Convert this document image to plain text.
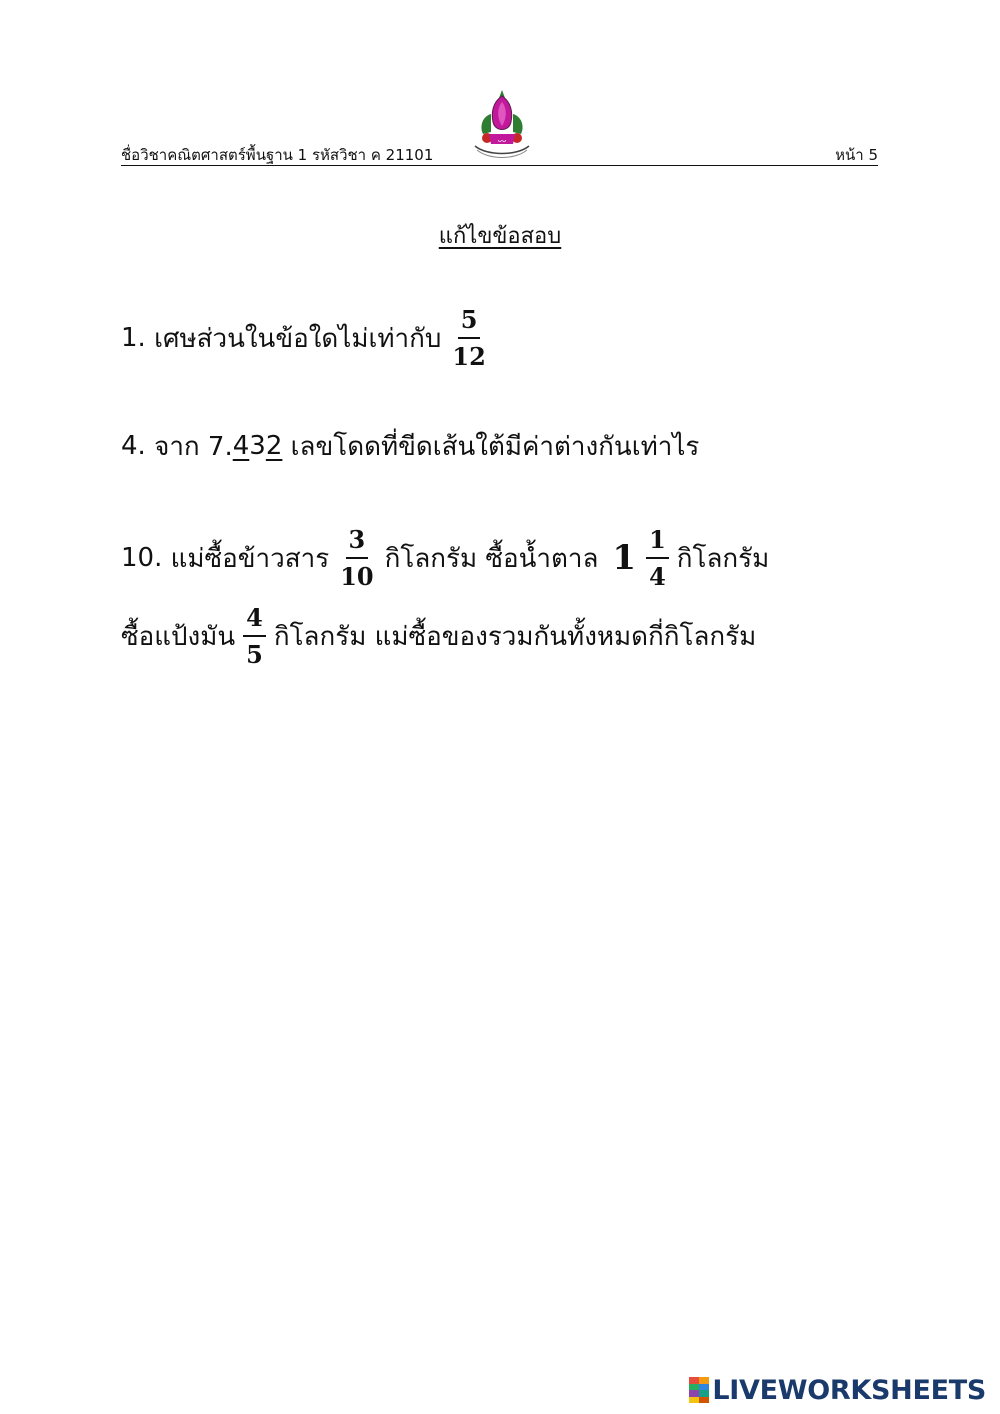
ᴗᴗ
ชื่อวิชาคณิตศาสตร์พื้นฐาน 1 รหัสวิชา ค 21101	หน้า 5
แก้ไขข้อสอบ
1.
เศษส่วนในข้อใดไม่เท่ากับ $\frac{5}{12}$
4.
จาก 7. 4 3 2
เลขโดดที่ขีดเส้นใต้มีค่าต่างกันเท่าไร
10.
แม่ซื้อข้าวสาร $\frac{3}{10}$ กิโลกรัม ซื้อน้ำตาล $1 \frac{1}{4}$ กิโลกรัม
ซื้อแป้งมัน $\frac{4}{5}$ กิโลกรัม แม่ซื้อของรวมกันทั้งหมดกี่กิโลกรัม
LIVEWORKSHEETS
